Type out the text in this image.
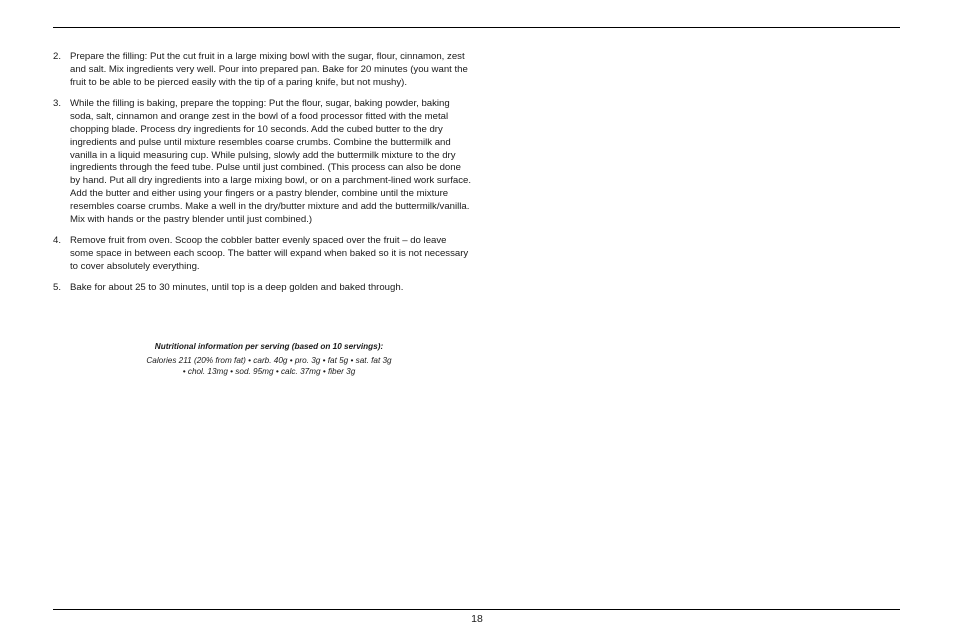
2. Prepare the filling: Put the cut fruit in a large mixing bowl with the sugar, flour, cinnamon, zest and salt. Mix ingredients very well. Pour into prepared pan. Bake for 20 minutes (you want the fruit to be able to be pierced easily with the tip of a paring knife, but not mushy).
3. While the filling is baking, prepare the topping: Put the flour, sugar, baking powder, baking soda, salt, cinnamon and orange zest in the bowl of a food processor fitted with the metal chopping blade. Process dry ingredients for 10 seconds. Add the cubed butter to the dry ingredients and pulse until mixture resembles coarse crumbs. Combine the buttermilk and vanilla in a liquid measuring cup. While pulsing, slowly add the buttermilk mixture to the dry ingredients through the feed tube. Pulse until just combined. (This process can also be done by hand. Put all dry ingredients into a large mixing bowl, or on a parchment-lined work surface. Add the butter and either using your fingers or a pastry blender, combine until the mixture resembles coarse crumbs. Make a well in the dry/butter mixture and add the buttermilk/vanilla. Mix with hands or the pastry blender until just combined.)
4. Remove fruit from oven. Scoop the cobbler batter evenly spaced over the fruit – do leave some space in between each scoop. The batter will expand when baked so it is not necessary to cover absolutely everything.
5. Bake for about 25 to 30 minutes, until top is a deep golden and baked through.
Nutritional information per serving (based on 10 servings):
Calories 211 (20% from fat) • carb. 40g • pro. 3g • fat 5g • sat. fat 3g
• chol. 13mg • sod. 95mg • calc. 37mg • fiber 3g
18
